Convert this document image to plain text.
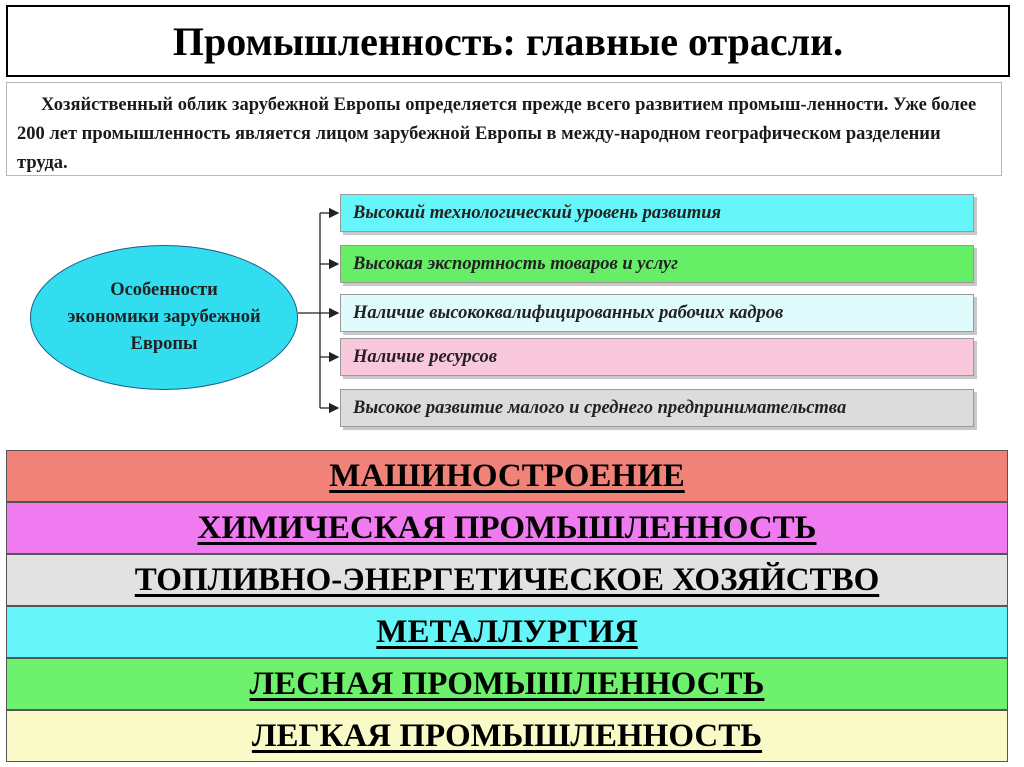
Промышленность: главные отрасли.
Хозяйственный облик зарубежной Европы определяется прежде всего развитием промыш-ленности. Уже более 200 лет промышленность является лицом зарубежной Европы в между-народном географическом разделении труда.
Особенности экономики зарубежной Европы
Высокий технологический уровень развития
Высокая экспортность товаров и услуг
Наличие высококвалифицированных рабочих кадров
Наличие ресурсов
Высокое развитие малого и среднего предпринимательства
МАШИНОСТРОЕНИЕ
ХИМИЧЕСКАЯ ПРОМЫШЛЕННОСТЬ
ТОПЛИВНО-ЭНЕРГЕТИЧЕСКОЕ ХОЗЯЙСТВО
МЕТАЛЛУРГИЯ
ЛЕСНАЯ ПРОМЫШЛЕННОСТЬ
ЛЕГКАЯ ПРОМЫШЛЕННОСТЬ
